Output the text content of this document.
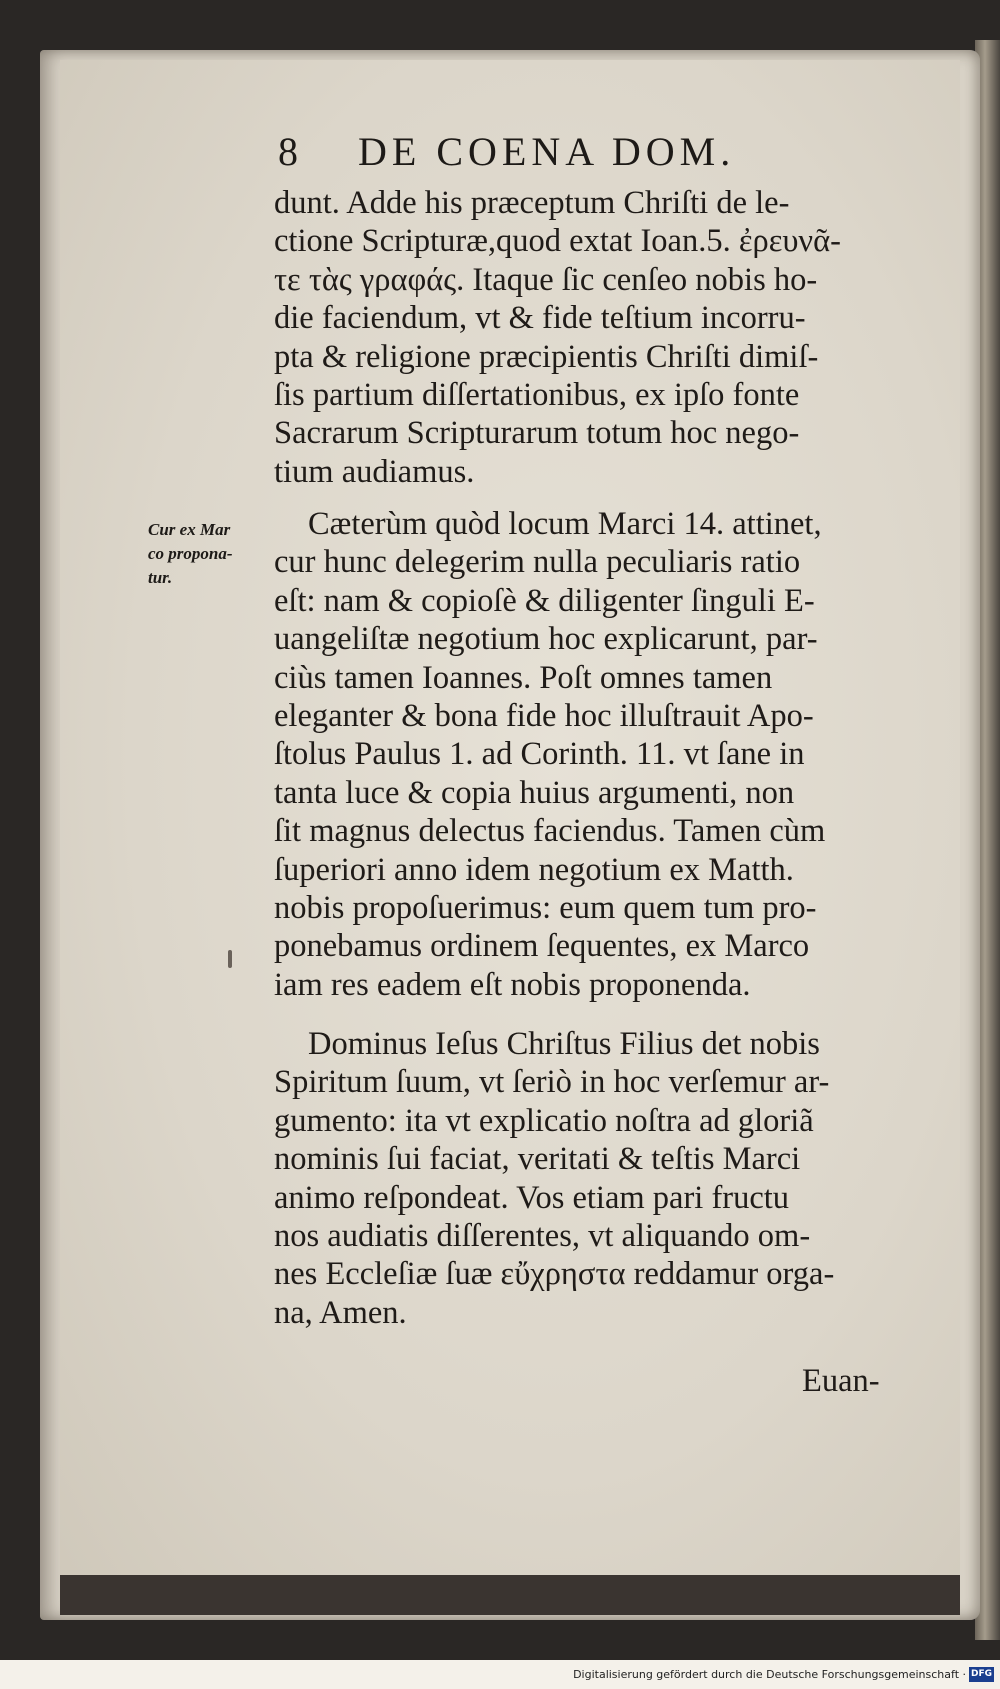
8 DE COENA DOM.
Cur ex Mar
co propona-
tur.
dunt. Adde his præceptum Chriſti de le-
ctione Scripturæ,quod extat Ioan.5. ἐρευνᾶ-
τε τὰς γραφάς. Itaque ſic cenſeo nobis ho-
die faciendum, vt & fide teſtium incorru-
pta & religione præcipientis Chriſti dimiſ-
ſis partium diſſertationibus, ex ipſo fonte
Sacrarum Scripturarum totum hoc nego-
tium audiamus.
Cæterùm quòd locum Marci 14. attinet,
cur hunc delegerim nulla peculiaris ratio
eſt: nam & copioſè & diligenter ſinguli E-
uangeliſtæ negotium hoc explicarunt, par-
ciùs tamen Ioannes. Poſt omnes tamen
eleganter & bona fide hoc illuſtrauit Apo-
ſtolus Paulus 1. ad Corinth. 11. vt ſane in
tanta luce & copia huius argumenti, non
ſit magnus delectus faciendus. Tamen cùm
ſuperiori anno idem negotium ex Matth.
nobis propoſuerimus: eum quem tum pro-
ponebamus ordinem ſequentes, ex Marco
iam res eadem eſt nobis proponenda.
Dominus Ieſus Chriſtus Filius det nobis
Spiritum ſuum, vt ſeriò in hoc verſemur ar-
gumento: ita vt explicatio noſtra ad gloriã
nominis ſui faciat, veritati & teſtis Marci
animo reſpondeat. Vos etiam pari fructu
nos audiatis diſſerentes, vt aliquando om-
nes Eccleſiæ ſuæ εὔχρηστα reddamur orga-
na, Amen.
Euan-
Digitalisierung gefördert durch die Deutsche Forschungsgemeinschaft · DFG
